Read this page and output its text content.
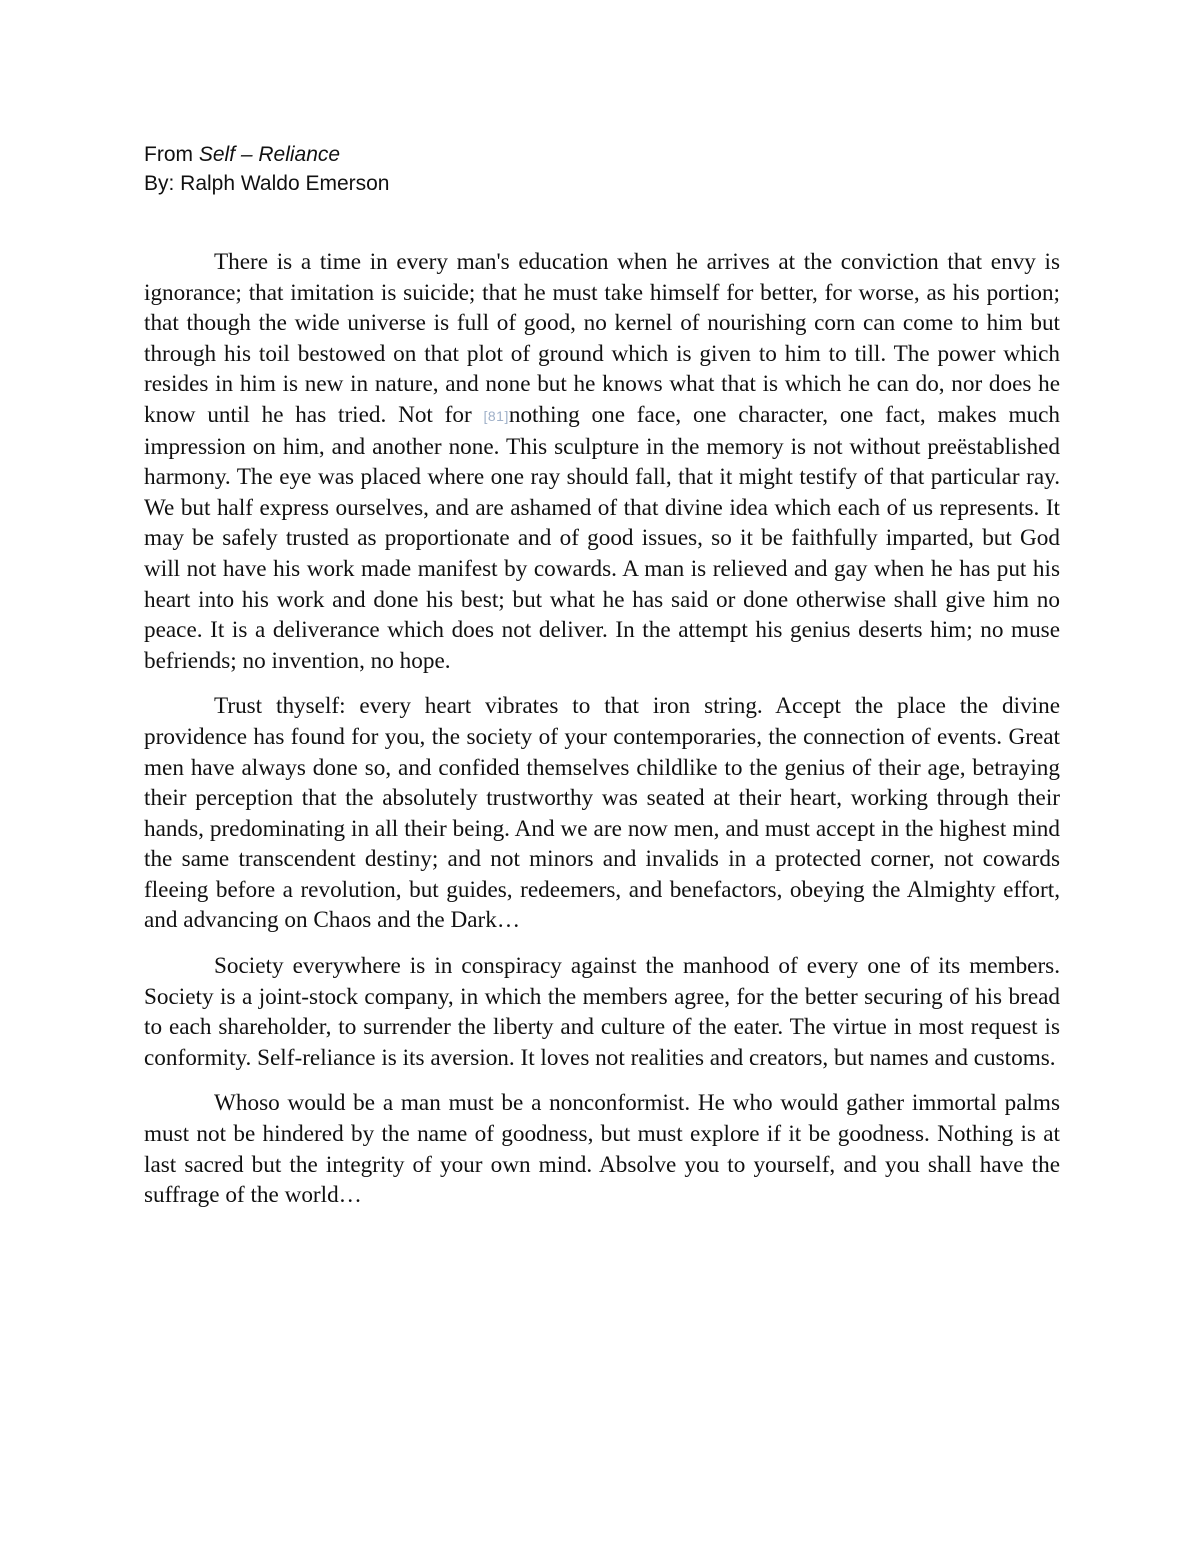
From Self – Reliance
By: Ralph Waldo Emerson

There is a time in every man's education when he arrives at the conviction that envy is ignorance; that imitation is suicide; that he must take himself for better, for worse, as his portion; that though the wide universe is full of good, no kernel of nourishing corn can come to him but through his toil bestowed on that plot of ground which is given to him to till. The power which resides in him is new in nature, and none but he knows what that is which he can do, nor does he know until he has tried. Not for [81]nothing one face, one character, one fact, makes much impression on him, and another none. This sculpture in the memory is not without preëstablished harmony. The eye was placed where one ray should fall, that it might testify of that particular ray. We but half express ourselves, and are ashamed of that divine idea which each of us represents. It may be safely trusted as proportionate and of good issues, so it be faithfully imparted, but God will not have his work made manifest by cowards. A man is relieved and gay when he has put his heart into his work and done his best; but what he has said or done otherwise shall give him no peace. It is a deliverance which does not deliver. In the attempt his genius deserts him; no muse befriends; no invention, no hope.

Trust thyself: every heart vibrates to that iron string. Accept the place the divine providence has found for you, the society of your contemporaries, the connection of events. Great men have always done so, and confided themselves childlike to the genius of their age, betraying their perception that the absolutely trustworthy was seated at their heart, working through their hands, predominating in all their being. And we are now men, and must accept in the highest mind the same transcendent destiny; and not minors and invalids in a protected corner, not cowards fleeing before a revolution, but guides, redeemers, and benefactors, obeying the Almighty effort, and advancing on Chaos and the Dark…

Society everywhere is in conspiracy against the manhood of every one of its members. Society is a joint-stock company, in which the members agree, for the better securing of his bread to each shareholder, to surrender the liberty and culture of the eater. The virtue in most request is conformity. Self-reliance is its aversion. It loves not realities and creators, but names and customs.

Whoso would be a man must be a nonconformist. He who would gather immortal palms must not be hindered by the name of goodness, but must explore if it be goodness. Nothing is at last sacred but the integrity of your own mind. Absolve you to yourself, and you shall have the suffrage of the world…
